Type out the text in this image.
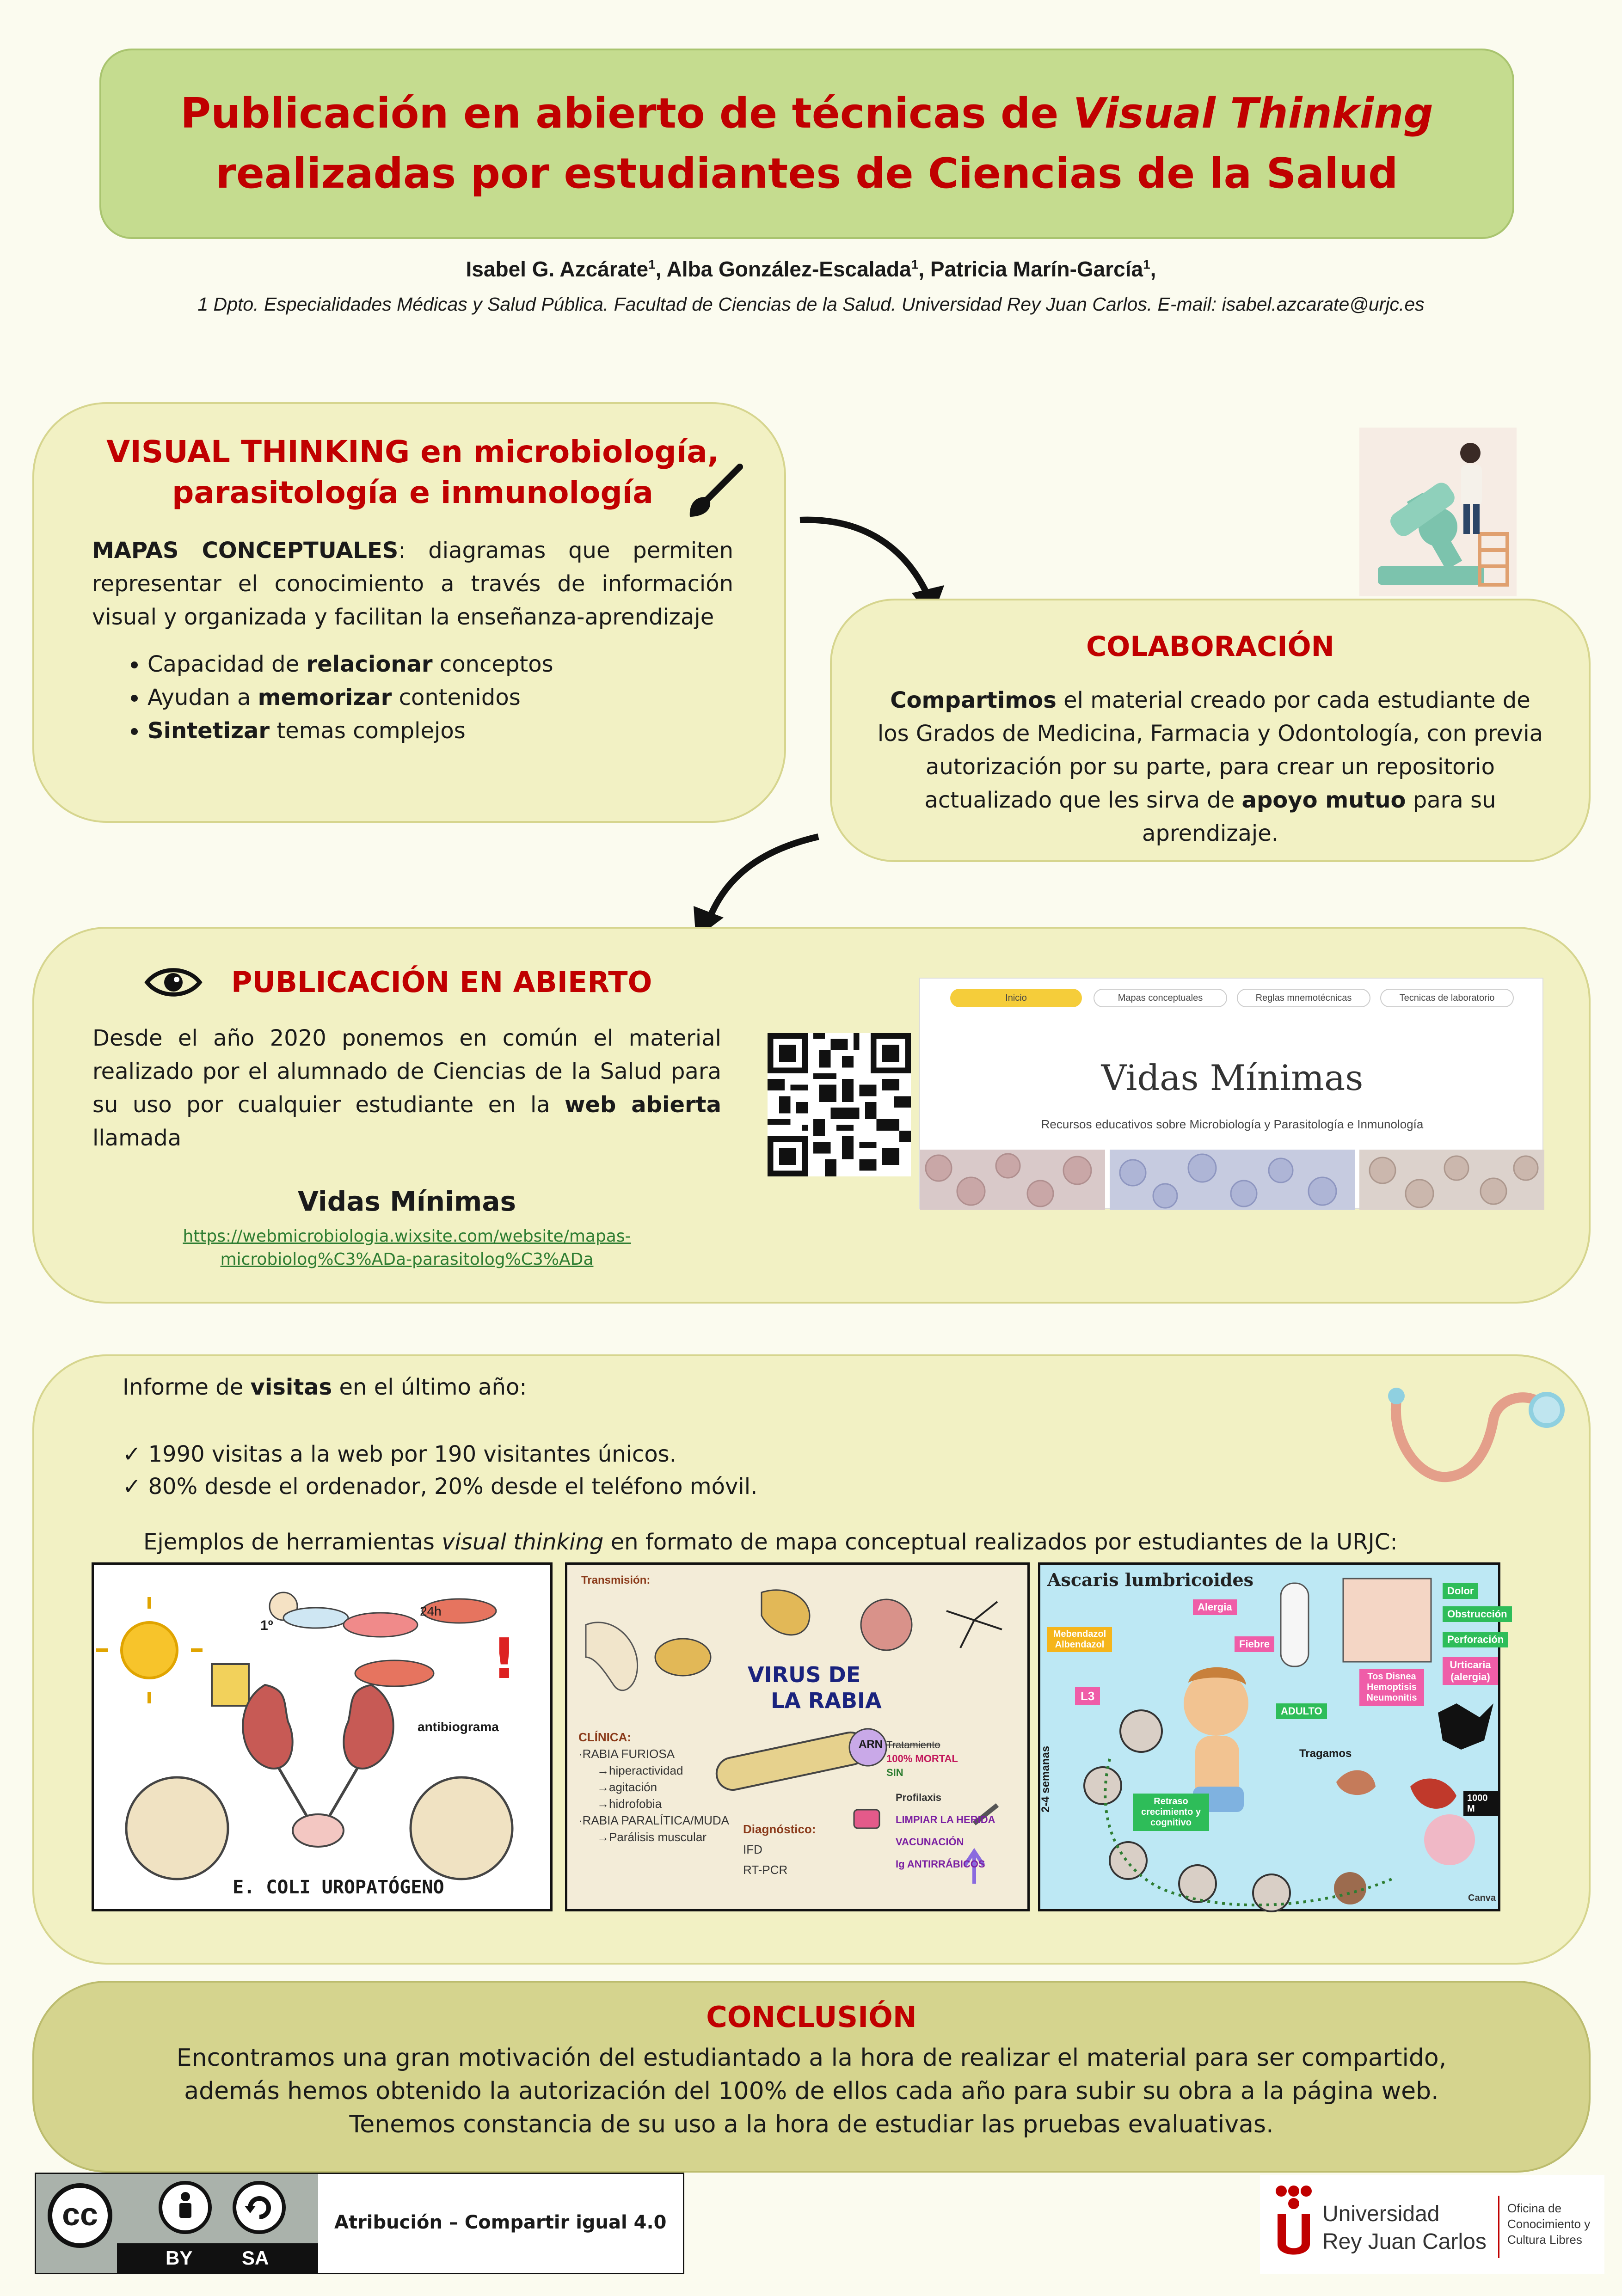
Publicación en abierto de técnicas de Visual Thinking
realizadas por estudiantes de Ciencias de la Salud
Isabel G. Azcárate$^1$, Alba González-Escalada$^1$, Patricia Marín-García$^1$,
1 Dpto. Especialidades Médicas y Salud Pública. Facultad de Ciencias de la Salud. Universidad Rey Juan Carlos. E-mail: isabel.azcarate@urjc.es
VISUAL THINKING en microbiología,
parasitología e inmunología
MAPAS CONCEPTUALES: diagramas que permiten representar el conocimiento a través de información visual y organizada y facilitan la enseñanza-aprendizaje
• Capacidad de relacionar conceptos
• Ayudan a memorizar contenidos
• Sintetizar temas complejos
COLABORACIÓN
Compartimos el material creado por cada estudiante de los Grados de Medicina, Farmacia y Odontología, con previa autorización por su parte, para crear un repositorio actualizado que les sirva de apoyo mutuo para su aprendizaje.
PUBLICACIÓN EN ABIERTO
Desde el año 2020 ponemos en común el material realizado por el alumnado de Ciencias de la Salud para su uso por cualquier estudiante en la web abierta llamada
Vidas Mínimas
https://webmicrobiologia.wixsite.com/website/mapas-
microbiolog%C3%ADa-parasitolog%C3%ADa
Inicio	Mapas conceptuales	Reglas mnemotécnicas	Tecnicas de laboratorio
Vidas Mínimas
Recursos educativos sobre Microbiología y Parasitología e Inmunología
Informe de visitas en el último año:
✓ 1990 visitas a la web por 190 visitantes únicos.
✓ 80% desde el ordenador, 20% desde el teléfono móvil.
Ejemplos de herramientas visual thinking en formato de mapa conceptual realizados por estudiantes de la URJC:
!
1º
24h
antibiograma
E. COLI UROPATÓGENO
Transmisión:
VIRUS DE
LA RABIA
CLÍNICA:
·RABIA FURIOSA
→hiperactividad
→agitación
→hidrofobia
·RABIA PARALÍTICA/MUDA
→Parálisis muscular
Diagnóstico:
IFD
RT-PCR
ARN Tratamiento
100% MORTAL
SIN
Profilaxis
LIMPIAR LA HERIDA
VACUNACIÓN
Ig ANTIRRÁBICOS
Ascaris lumbricoides
Dolor
Obstrucción
Perforación
Urticaria (alergia)
Alergia
Fiebre
Mebendazol Albendazol
L3
ADULTO
Tos Disnea Hemoptisis Neumonitis
Tragamos
Retraso crecimiento y cognitivo
1000 M
2-4 semanas
Canva
CONCLUSIÓN
Encontramos una gran motivación del estudiantado a la hora de realizar el material para ser compartido,
además hemos obtenido la autorización del 100% de ellos cada año para subir su obra a la página web.
Tenemos constancia de su uso a la hora de estudiar las pruebas evaluativas.
cc
BY	SA
Atribución – Compartir igual 4.0	Universidad
Rey Juan Carlos
Oficina de
Conocimiento y
Cultura Libres
